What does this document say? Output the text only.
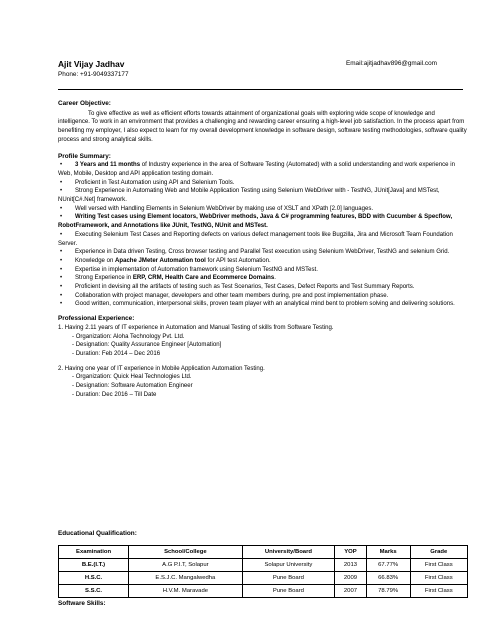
Ajit Vijay Jadhav	Email:ajitjadhav896@gmail.com
Phone: +91-9049337177
Career Objective:
To give effective as well as efficient efforts towards attainment of organizational goals with exploring wide scope of knowledge and intelligence. To work in an environment that provides a challenging and rewarding career ensuring a high-level job satisfaction. In the process apart from benefiting my employer, I also expect to learn for my overall development knowledge in software design, software testing methodologies, software quality process and strong analytical skills.
Profile Summary:
• 3 Years and 11 months of Industry experience in the area of Software Testing (Automated) with a solid understanding and work experience in Web, Mobile, Desktop and API application testing domain.
• Proficient in Test Automation using API and Selenium Tools.
• Strong Experience in Automating Web and Mobile Application Testing using Selenium WebDriver with - TestNG, JUnit[Java] and MSTest, NUnit[C#.Net] framework.
• Well versed with Handling Elements in Selenium WebDriver by making use of XSLT and XPath [2.0] languages.
• Writing Test cases using Element locators, WebDriver methods, Java & C# programming features, BDD with Cucumber & Specflow, RobotFramework, and Annotations like JUnit, TestNG, NUnit and MSTest.
• Executing Selenium Test Cases and Reporting defects on various defect management tools like Bugzilla, Jira and Microsoft Team Foundation Server.
• Experience in Data driven Testing, Cross browser testing and Parallel Test execution using Selenium WebDriver, TestNG and selenium Grid.
• Knowledge on Apache JMeter Automation tool for API test Automation.
• Expertise in implementation of Automation framework using Selenium TestNG and MSTest.
• Strong Experience in ERP, CRM, Health Care and Ecommerce Domains.
• Proficient in devising all the artifacts of testing such as Test Scenarios, Test Cases, Defect Reports and Test Summary Reports.
• Collaboration with project manager, developers and other team members during, pre and post implementation phase.
• Good written, communication, interpersonal skills, proven team player with an analytical mind bent to problem solving and delivering solutions.
Professional Experience:
1. Having 2.11 years of IT experience in Automation and Manual Testing of skills from Software Testing.
- Organization: Aloha Technology Pvt. Ltd.
- Designation: Quality Assurance Engineer [Automation]
- Duration: Feb 2014 – Dec 2016
2. Having one year of IT experience in Mobile Application Automation Testing.
- Organization: Quick Heal Technologies Ltd.
- Designation: Software Automation Engineer
- Duration: Dec 2016 – Till Date
Educational Qualification:
Examination	School/College	University/Board	YOP	Marks	Grade
B.E.(I.T.)	A.G P.I.T, Solapur	Solapur University	2013	67.77%	First Class
H.S.C.	E.S.J.C. Mangalwedha	Pune Board	2009	66.83%	First Class
S.S.C.	H.V.M. Maravade	Pune Board	2007	78.79%	First Class
Software Skills:
